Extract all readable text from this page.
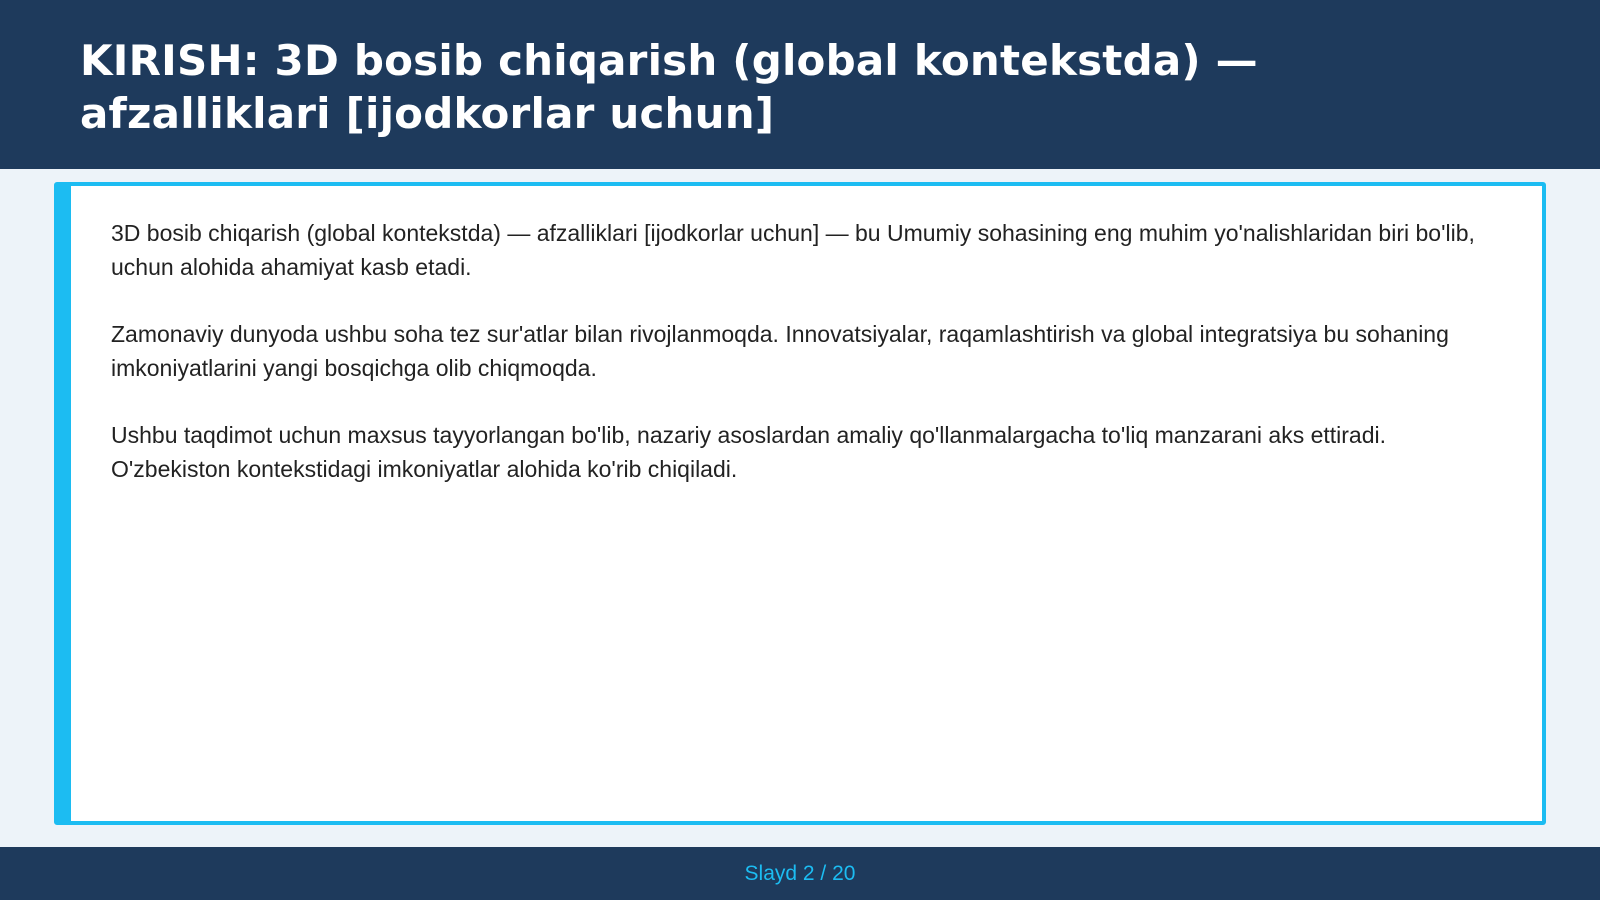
KIRISH: 3D bosib chiqarish (global kontekstda) — afzalliklari [ijodkorlar uchun]

3D bosib chiqarish (global kontekstda) — afzalliklari [ijodkorlar uchun] — bu Umumiy sohasining eng muhim yo'nalishlaridan biri bo'lib, uchun alohida ahamiyat kasb etadi.

Zamonaviy dunyoda ushbu soha tez sur'atlar bilan rivojlanmoqda. Innovatsiyalar, raqamlashtirish va global integratsiya bu sohaning imkoniyatlarini yangi bosqichga olib chiqmoqda.

Ushbu taqdimot uchun maxsus tayyorlangan bo'lib, nazariy asoslardan amaliy qo'llanmalargacha to'liq manzarani aks ettiradi. O'zbekiston kontekstidagi imkoniyatlar alohida ko'rib chiqiladi.

Slayd 2 / 20
